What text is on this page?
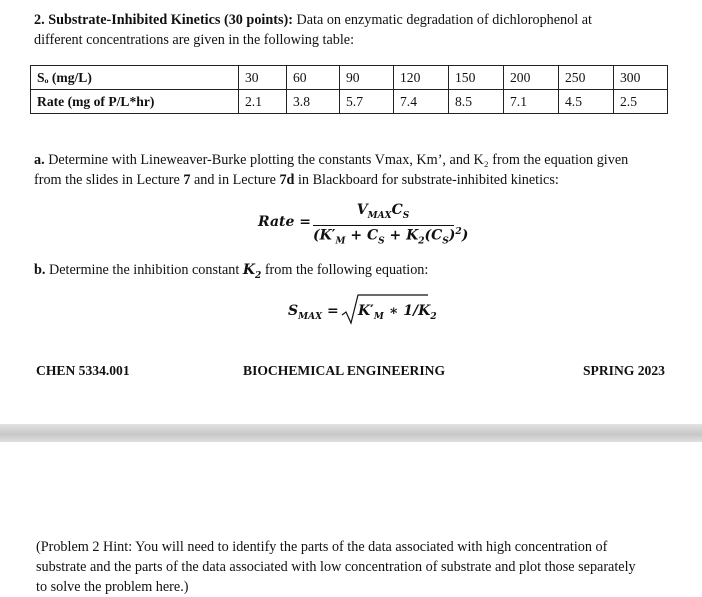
2. Substrate-Inhibited Kinetics (30 points): Data on enzymatic degradation of dichlorophenol at
different concentrations are given in the following table:
Sₒ (mg/L)	30	60	90	120	150	200	250	300
Rate (mg of P/L*hr)	2.1	3.8	5.7	7.4	8.5	7.1	4.5	2.5
a. Determine with Lineweaver-Burke plotting the constants Vmax, Km’, and K₂ from the equation given
from the slides in Lecture 7 and in Lecture 7d in Blackboard for substrate-inhibited kinetics:
Rate =
$V_{MAX}C_S$
$(K'_M + C_S + K_2(C_S)^2)$
b. Determine the inhibition constant $K_2$ from the following equation:
$S_{MAX} = K'_M$ ∗ $1/K_2$
CHEN 5334.001	BIOCHEMICAL ENGINEERING	SPRING 2023
(Problem 2 Hint: You will need to identify the parts of the data associated with high concentration of
substrate and the parts of the data associated with low concentration of substrate and plot those separately
to solve the problem here.)
